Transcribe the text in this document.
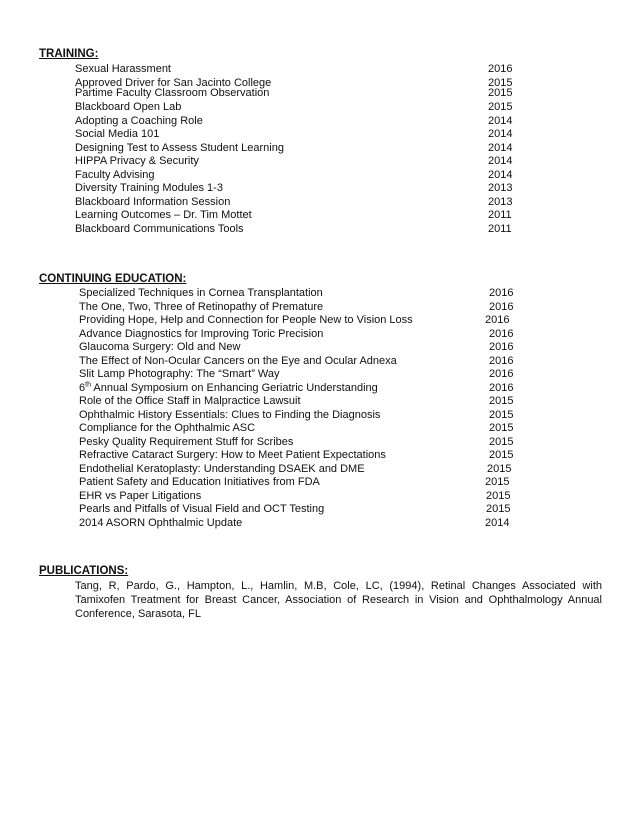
TRAINING:
Sexual Harassment	2016
Approved Driver for San Jacinto College	2015
Partime Faculty Classroom Observation	2015
Blackboard Open Lab	2015
Adopting a Coaching Role	2014
Social Media 101	2014
Designing Test to Assess Student Learning	2014
HIPPA Privacy & Security	2014
Faculty Advising	2014
Diversity Training Modules 1-3	2013
Blackboard Information Session	2013
Learning Outcomes – Dr. Tim Mottet	2011
Blackboard Communications Tools	2011
CONTINUING EDUCATION:
Specialized Techniques in Cornea Transplantation	2016
The One, Two, Three of Retinopathy of Premature	2016
Providing Hope, Help and Connection for People New to Vision Loss	2016
Advance Diagnostics for Improving Toric Precision	2016
Glaucoma Surgery: Old and New	2016
The Effect of Non-Ocular Cancers on the Eye and Ocular Adnexa	2016
Slit Lamp Photography: The “Smart” Way	2016
6th Annual Symposium on Enhancing Geriatric Understanding	2016
Role of the Office Staff in Malpractice Lawsuit	2015
Ophthalmic History Essentials: Clues to Finding the Diagnosis	2015
Compliance for the Ophthalmic ASC	2015
Pesky Quality Requirement Stuff for Scribes	2015
Refractive Cataract Surgery: How to Meet Patient Expectations	2015
Endothelial Keratoplasty: Understanding DSAEK and DME	2015
Patient Safety and Education Initiatives from FDA	2015
EHR vs Paper Litigations	2015
Pearls and Pitfalls of Visual Field and OCT Testing	2015
2014 ASORN Ophthalmic Update	2014
PUBLICATIONS:
Tang, R, Pardo, G., Hampton, L., Hamlin, M.B, Cole, LC, (1994), Retinal Changes Associated with Tamixofen Treatment for Breast Cancer, Association of Research in Vision and Ophthalmology Annual Conference, Sarasota, FL
